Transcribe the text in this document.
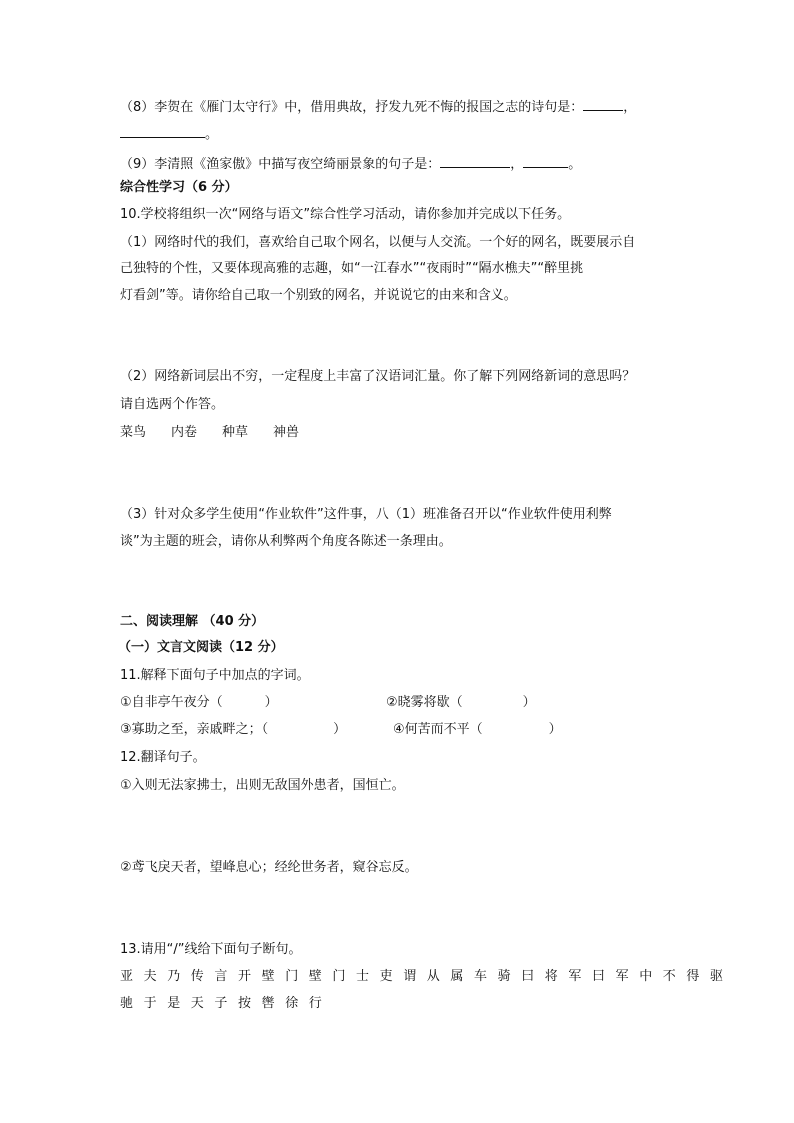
（8）李贺在《雁门太守行》中，借用典故，抒发九死不悔的报国之志的诗句是：	，
。
（9）李清照《渔家傲》中描写夜空绮丽景象的句子是：	，	。
综合性学习（6 分）
10.学校将组织一次“网络与语文”综合性学习活动，请你参加并完成以下任务。
（1）网络时代的我们，喜欢给自己取个网名，以便与人交流。一个好的网名，既要展示自
己独特的个性，又要体现高雅的志趣，如“一江春水”“夜雨时”“隔水樵夫”“醉里挑
灯看剑”等。请你给自己取一个别致的网名，并说说它的由来和含义。
（2）网络新词层出不穷，一定程度上丰富了汉语词汇量。你了解下列网络新词的意思吗？
请自选两个作答。
菜鸟 内卷 种草 神兽
（3）针对众多学生使用“作业软件”这件事，八（1）班准备召开以“作业软件使用利弊
谈”为主题的班会，请你从利弊两个角度各陈述一条理由。
二、阅读理解 （40 分）
（一）文言文阅读（12 分）
11.解释下面句子中加点的字词。
①自非亭午夜分（	）	②晓雾将歇（	）
③寡助之至，亲戚畔之；（	）	④何苦而不平（	）
12.翻译句子。
①入则无法家拂士，出则无敌国外患者，国恒亡。
②鸢飞戾天者，望峰息心；经纶世务者，窥谷忘反。
13.请用“/”线给下面句子断句。
亚夫乃传言开壁门壁门士吏谓从属车骑曰将军曰军中不得驱
驰于是天子按辔徐行
